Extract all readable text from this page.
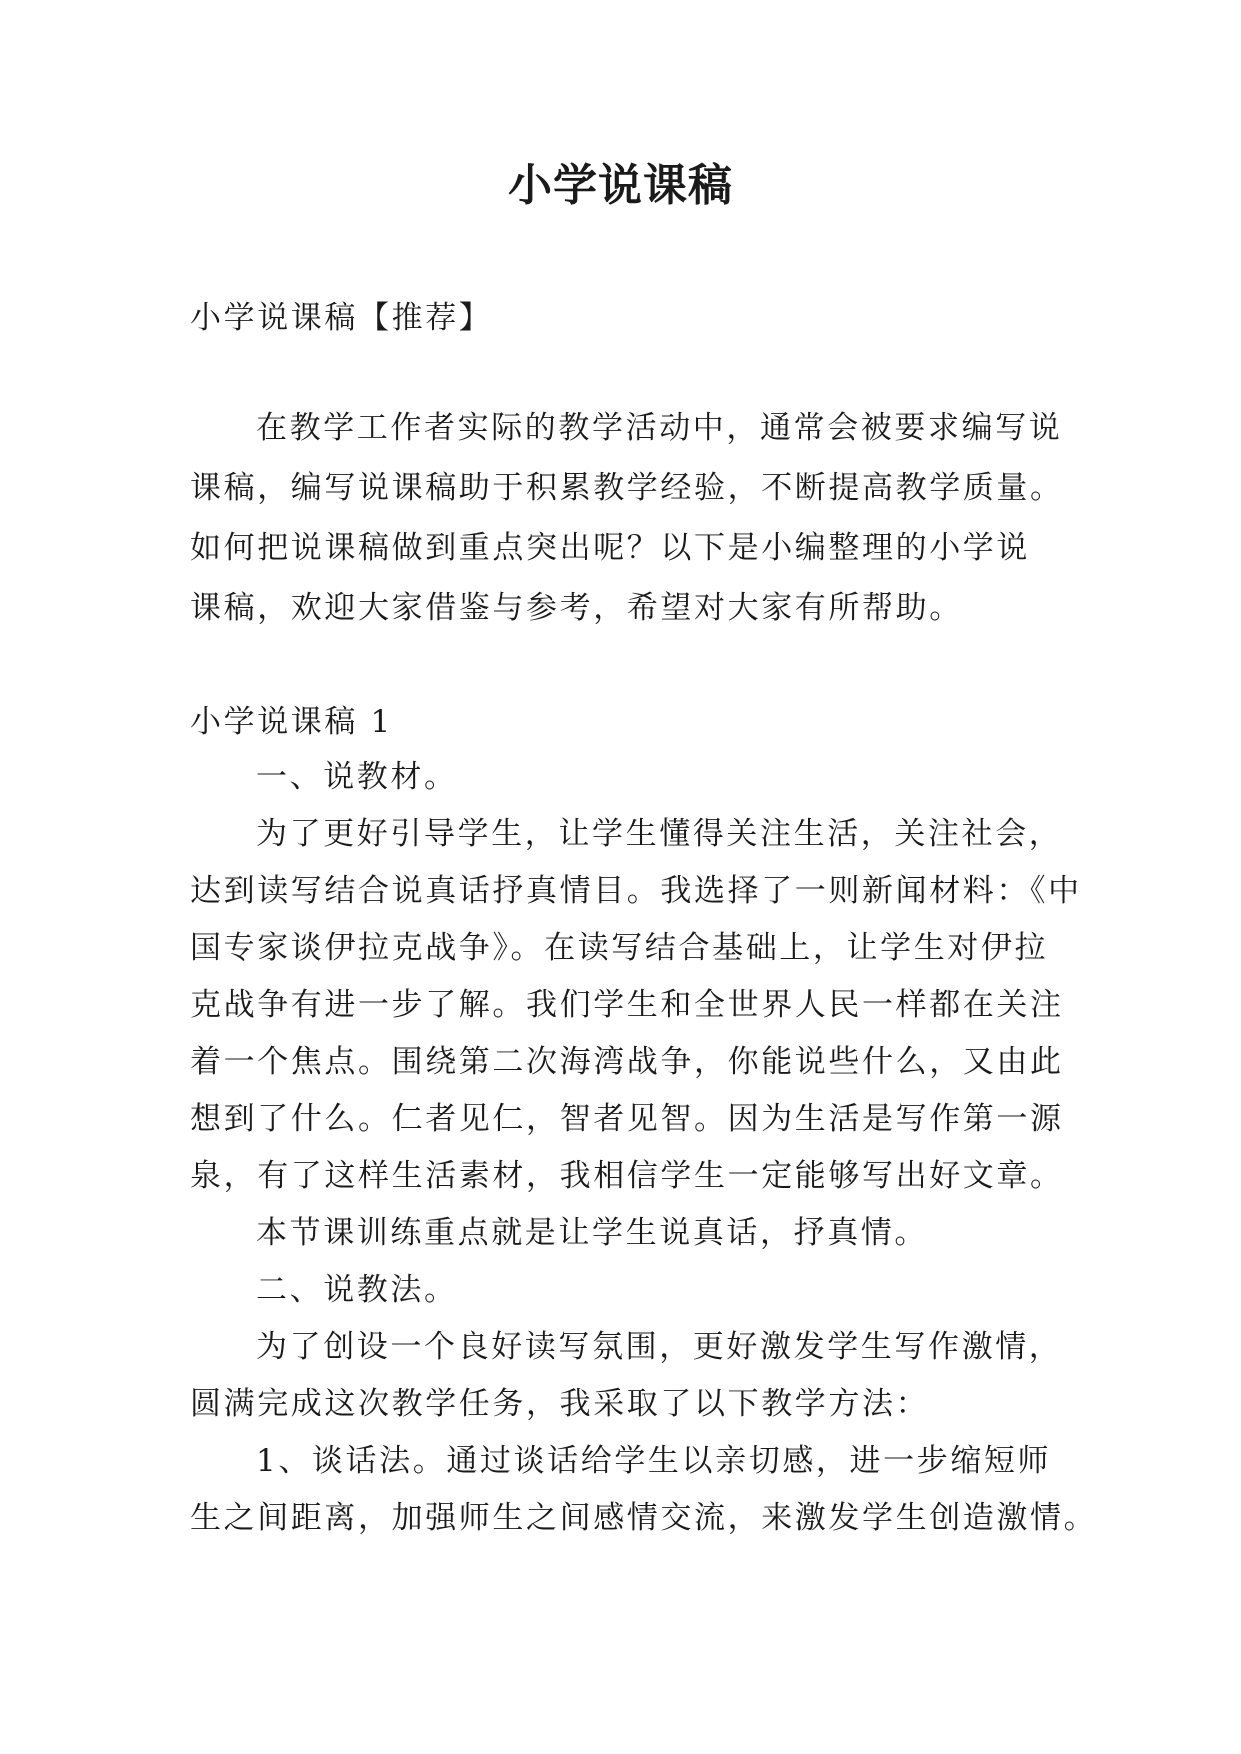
小学说课稿

小学说课稿【推荐】

在教学工作者实际的教学活动中，通常会被要求编写说

课稿，编写说课稿助于积累教学经验，不断提高教学质量。

如何把说课稿做到重点突出呢？以下是小编整理的小学说

课稿，欢迎大家借鉴与参考，希望对大家有所帮助。

小学说课稿 1

一、说教材。

为了更好引导学生，让学生懂得关注生活，关注社会，

达到读写结合说真话抒真情目。我选择了一则新闻材料：《中

国专家谈伊拉克战争》。在读写结合基础上，让学生对伊拉

克战争有进一步了解。我们学生和全世界人民一样都在关注

着一个焦点。围绕第二次海湾战争，你能说些什么，又由此

想到了什么。仁者见仁，智者见智。因为生活是写作第一源

泉，有了这样生活素材，我相信学生一定能够写出好文章。

本节课训练重点就是让学生说真话，抒真情。

二、说教法。

为了创设一个良好读写氛围，更好激发学生写作激情，

圆满完成这次教学任务，我采取了以下教学方法：

1、谈话法。通过谈话给学生以亲切感，进一步缩短师

生之间距离，加强师生之间感情交流，来激发学生创造激情。
